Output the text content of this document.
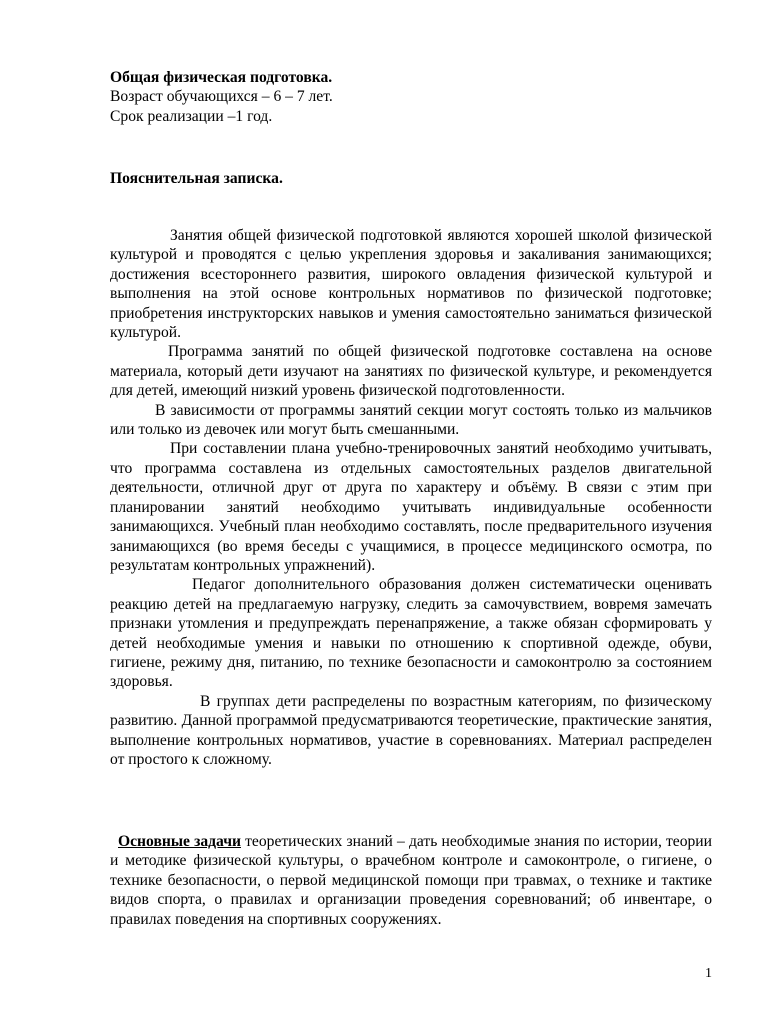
Общая физическая подготовка.
Возраст обучающихся – 6 – 7 лет.
Срок реализации –1 год.
Пояснительная записка.

Занятия общей физической подготовкой являются хорошей школой физической культурой и проводятся с целью укрепления здоровья и закаливания занимающихся; достижения всестороннего развития, широкого овладения физической культурой и выполнения на этой основе контрольных нормативов по физической подготовке; приобретения инструкторских навыков и умения самостоятельно заниматься физической культурой.

Программа занятий по общей физической подготовке составлена на основе материала, который дети изучают на занятиях по физической культуре, и рекомендуется для детей, имеющий низкий уровень физической подготовленности.

В зависимости от программы занятий секции могут состоять только из мальчиков или только из девочек или могут быть смешанными.

При составлении плана учебно-тренировочных занятий необходимо учитывать, что программа составлена из отдельных самостоятельных разделов двигательной деятельности, отличной друг от друга по характеру и объёму. В связи с этим при планировании занятий необходимо учитывать индивидуальные особенности занимающихся. Учебный план необходимо составлять, после предварительного изучения занимающихся (во время беседы с учащимися, в процессе медицинского осмотра, по результатам контрольных упражнений).

Педагог дополнительного образования должен систематически оценивать реакцию детей на предлагаемую нагрузку, следить за самочувствием, вовремя замечать признаки утомления и предупреждать перенапряжение, а также обязан сформировать у детей необходимые умения и навыки по отношению к спортивной одежде, обуви, гигиене, режиму дня, питанию, по технике безопасности и самоконтролю за состоянием здоровья.

В группах дети распределены по возрастным категориям, по физическому развитию. Данной программой предусматриваются теоретические, практические занятия, выполнение контрольных нормативов, участие в соревнованиях. Материал распределен от простого к сложному.

Основные задачи теоретических знаний – дать необходимые знания по истории, теории и методике физической культуры, о врачебном контроле и самоконтроле, о гигиене, о технике безопасности, о первой медицинской помощи при травмах, о технике и тактике видов спорта, о правилах и организации проведения соревнований; об инвентаре, о правилах поведения на спортивных сооружениях.

1
